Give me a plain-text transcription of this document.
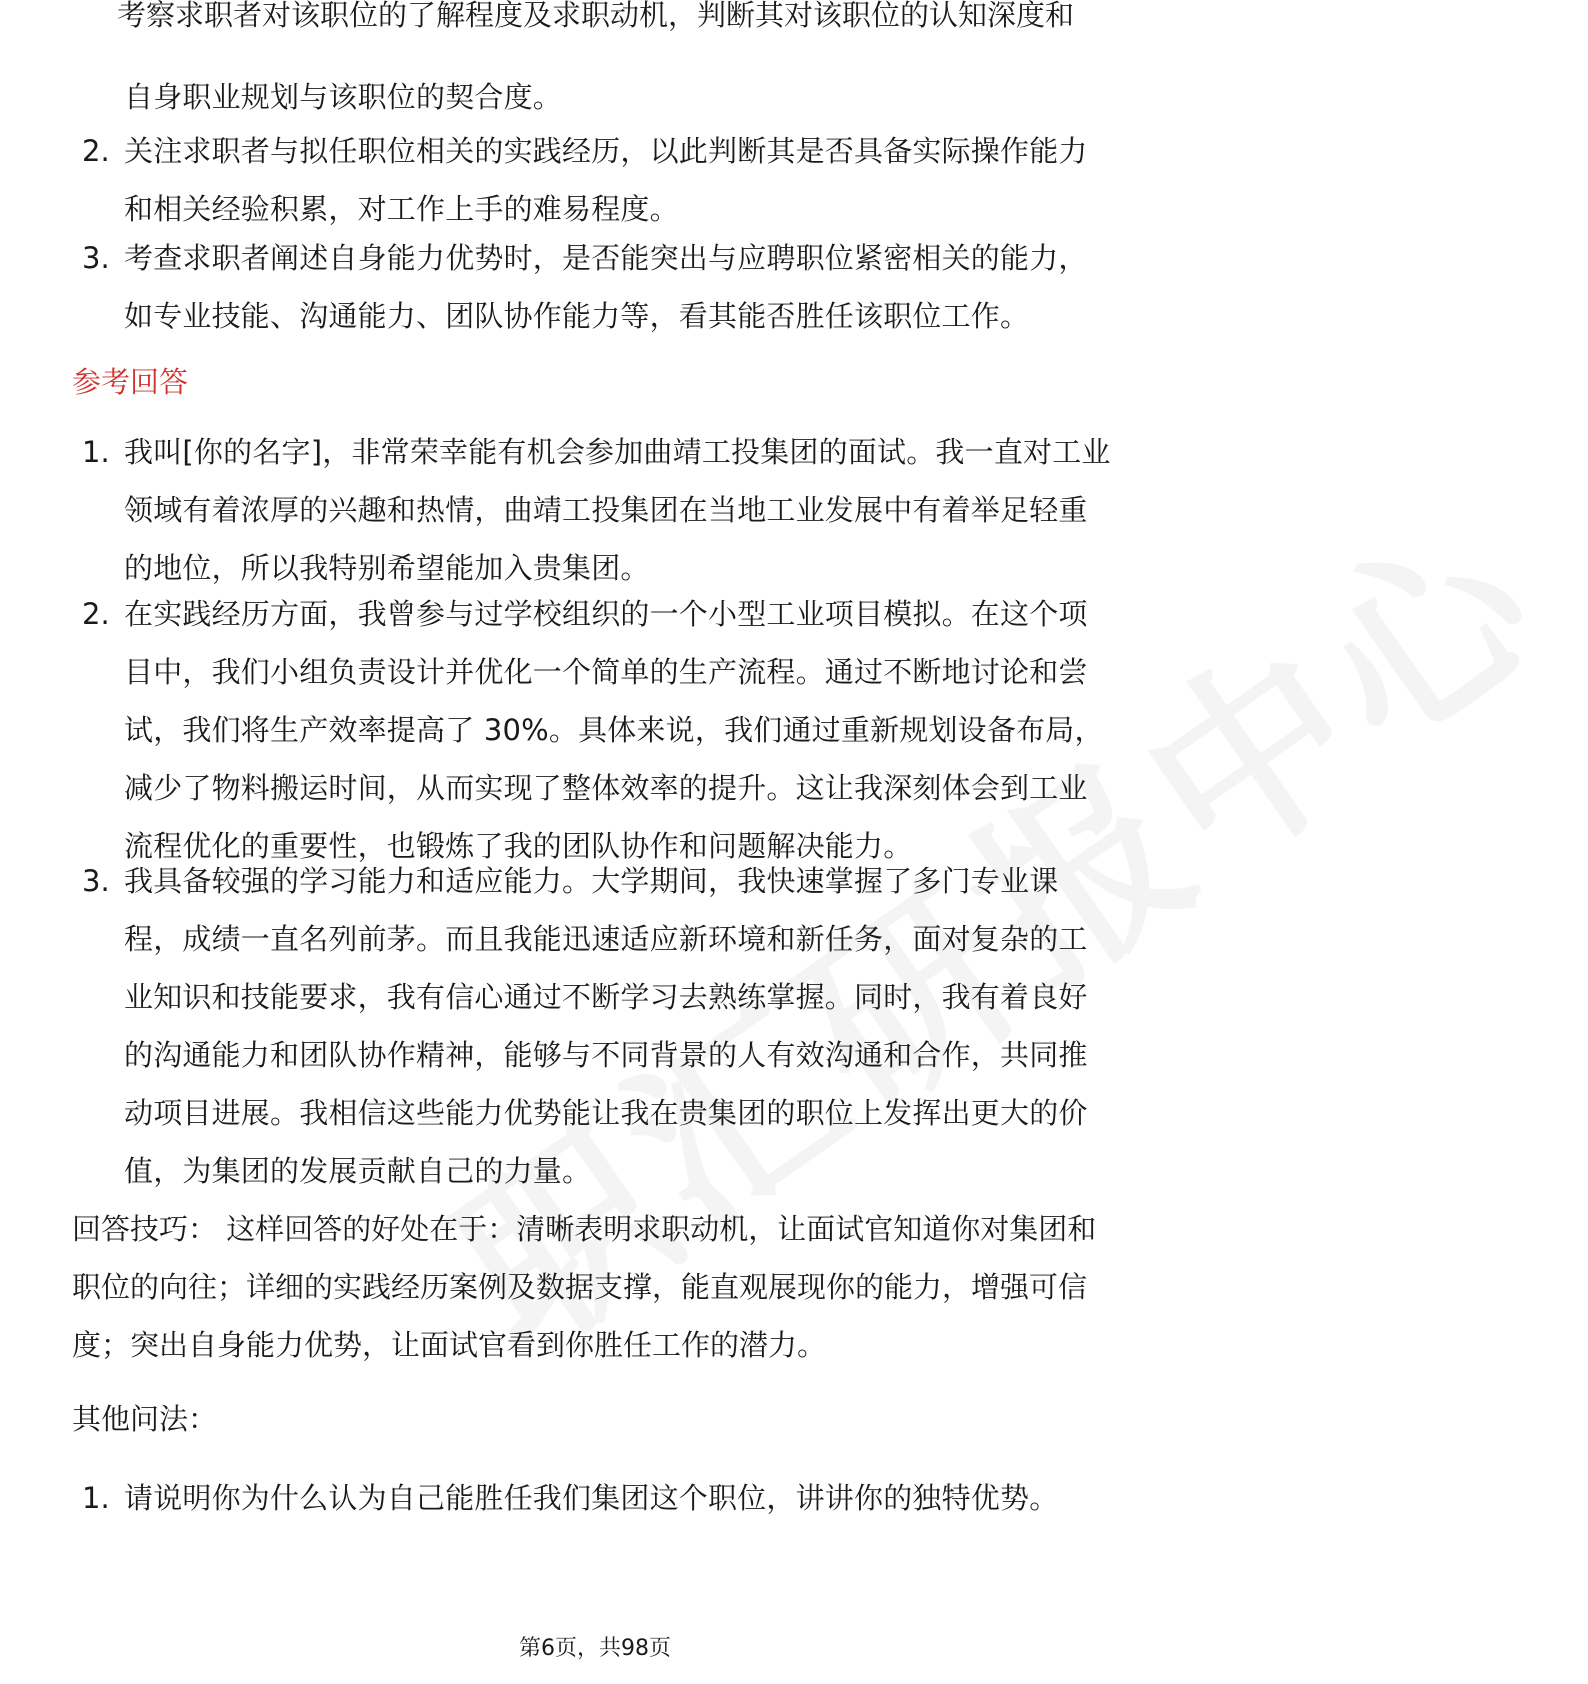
考察求职者对该职位的了解程度及求职动机，判断其对该职位的认知深度和
自身职业规划与该职位的契合度。
2. 关注求职者与拟任职位相关的实践经历，以此判断其是否具备实际操作能力和相关经验积累，对工作上手的难易程度。
3. 考查求职者阐述自身能力优势时，是否能突出与应聘职位紧密相关的能力，如专业技能、沟通能力、团队协作能力等，看其能否胜任该职位工作。
参考回答
1. 我叫[你的名字]，非常荣幸能有机会参加曲靖工投集团的面试。我一直对工业领域有着浓厚的兴趣和热情，曲靖工投集团在当地工业发展中有着举足轻重的地位，所以我特别希望能加入贵集团。
2. 在实践经历方面，我曾参与过学校组织的一个小型工业项目模拟。在这个项目中，我们小组负责设计并优化一个简单的生产流程。通过不断地讨论和尝试，我们将生产效率提高了 30%。具体来说，我们通过重新规划设备布局，减少了物料搬运时间，从而实现了整体效率的提升。这让我深刻体会到工业流程优化的重要性，也锻炼了我的团队协作和问题解决能力。
3. 我具备较强的学习能力和适应能力。大学期间，我快速掌握了多门专业课程，成绩一直名列前茅。而且我能迅速适应新环境和新任务，面对复杂的工业知识和技能要求，我有信心通过不断学习去熟练掌握。同时，我有着良好的沟通能力和团队协作精神，能够与不同背景的人有效沟通和合作，共同推动项目进展。我相信这些能力优势能让我在贵集团的职位上发挥出更大的价值，为集团的发展贡献自己的力量。
回答技巧： 这样回答的好处在于：清晰表明求职动机，让面试官知道你对集团和职位的向往；详细的实践经历案例及数据支撑，能直观展现你的能力，增强可信度；突出自身能力优势，让面试官看到你胜任工作的潜力。
其他问法：
1. 请说明你为什么认为自己能胜任我们集团这个职位，讲讲你的独特优势。
第6页，共98页
